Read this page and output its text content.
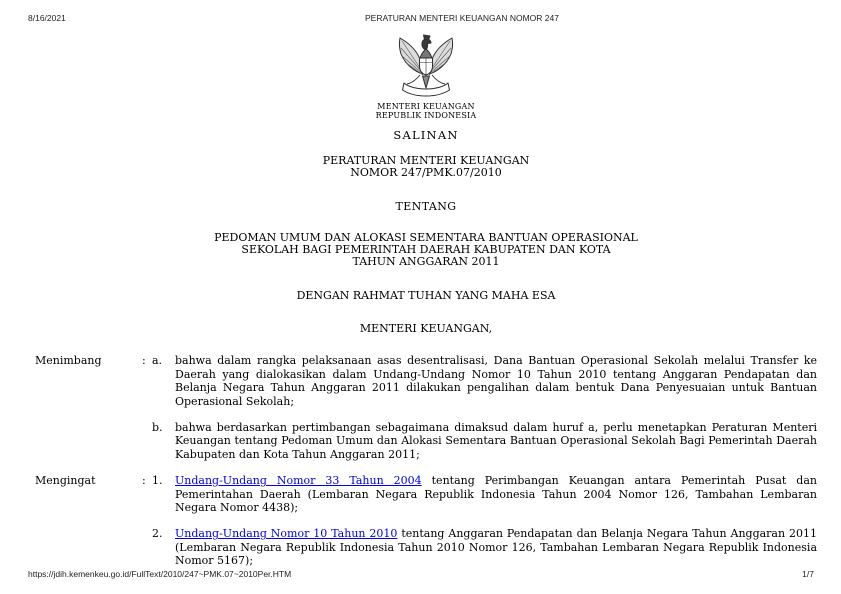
8/16/2021	PERATURAN MENTERI KEUANGAN NOMOR 247
MENTERI KEUANGAN
REPUBLIK INDONESIA
SALINAN
PERATURAN MENTERI KEUANGAN
NOMOR 247/PMK.07/2010
TENTANG
PEDOMAN UMUM DAN ALOKASI SEMENTARA BANTUAN OPERASIONAL
SEKOLAH BAGI PEMERINTAH DAERAH KABUPATEN DAN KOTA
TAHUN ANGGARAN 2011
DENGAN RAHMAT TUHAN YANG MAHA ESA
MENTERI KEUANGAN,
Menimbang	: a.	bahwa dalam rangka pelaksanaan asas desentralisasi, Dana Bantuan Operasional Sekolah melalui Transfer ke Daerah yang dialokasikan dalam Undang-Undang Nomor 10 Tahun 2010 tentang Anggaran Pendapatan dan Belanja Negara Tahun Anggaran 2011 dilakukan pengalihan dalam bentuk Dana Penyesuaian untuk Bantuan Operasional Sekolah;
b.	bahwa berdasarkan pertimbangan sebagaimana dimaksud dalam huruf a, perlu menetapkan Peraturan Menteri Keuangan tentang Pedoman Umum dan Alokasi Sementara Bantuan Operasional Sekolah Bagi Pemerintah Daerah Kabupaten dan Kota Tahun Anggaran 2011;
Mengingat	: 1.	Undang-Undang Nomor 33 Tahun 2004 tentang Perimbangan Keuangan antara Pemerintah Pusat dan Pemerintahan Daerah (Lembaran Negara Republik Indonesia Tahun 2004 Nomor 126, Tambahan Lembaran Negara Nomor 4438);
2.	Undang-Undang Nomor 10 Tahun 2010 tentang Anggaran Pendapatan dan Belanja Negara Tahun Anggaran 2011 (Lembaran Negara Republik Indonesia Tahun 2010 Nomor 126, Tambahan Lembaran Negara Republik Indonesia Nomor 5167);
https://jdih.kemenkeu.go.id/FullText/2010/247~PMK.07~2010Per.HTM	1/7
